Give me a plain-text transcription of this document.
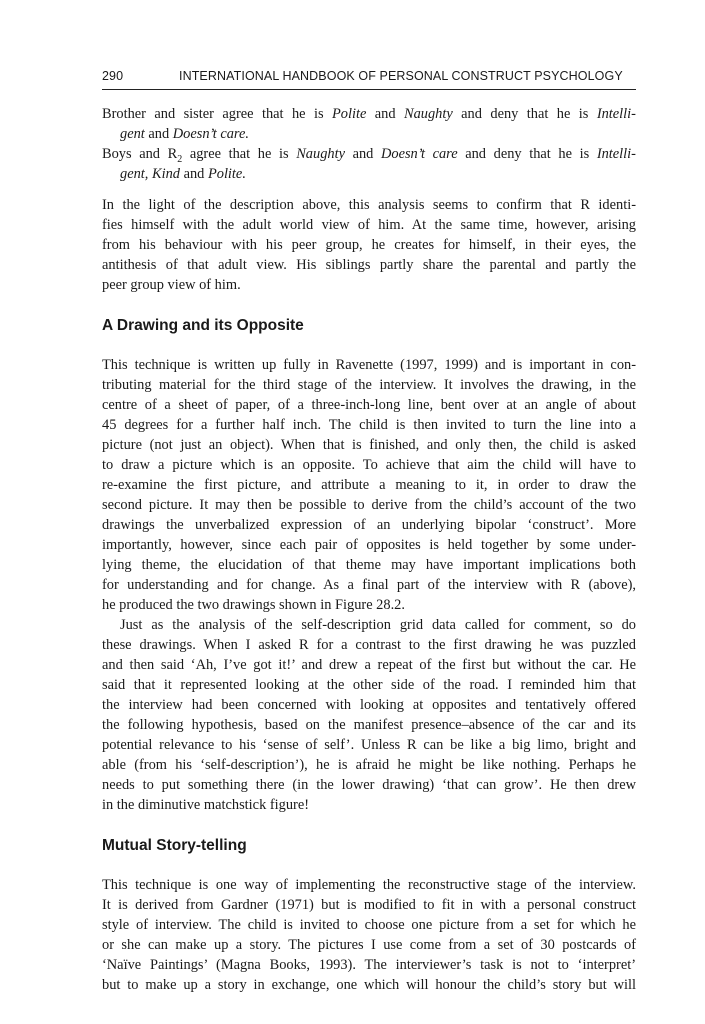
290	INTERNATIONAL HANDBOOK OF PERSONAL CONSTRUCT PSYCHOLOGY
Brother and sister agree that he is Polite and Naughty and deny that he is Intelli-
gent and Doesn’t care.
Boys and $R_2$ agree that he is Naughty and Doesn’t care and deny that he is Intelli-
gent, Kind and Polite.
In the light of the description above, this analysis seems to confirm that R identi-
fies himself with the adult world view of him. At the same time, however, arising
from his behaviour with his peer group, he creates for himself, in their eyes, the
antithesis of that adult view. His siblings partly share the parental and partly the
peer group view of him.
A Drawing and its Opposite
This technique is written up fully in Ravenette (1997, 1999) and is important in con-
tributing material for the third stage of the interview. It involves the drawing, in the
centre of a sheet of paper, of a three-inch-long line, bent over at an angle of about
45 degrees for a further half inch. The child is then invited to turn the line into a
picture (not just an object). When that is finished, and only then, the child is asked
to draw a picture which is an opposite. To achieve that aim the child will have to
re-examine the first picture, and attribute a meaning to it, in order to draw the
second picture. It may then be possible to derive from the child’s account of the two
drawings the unverbalized expression of an underlying bipolar ‘construct’. More
importantly, however, since each pair of opposites is held together by some under-
lying theme, the elucidation of that theme may have important implications both
for understanding and for change. As a final part of the interview with R (above),
he produced the two drawings shown in Figure 28.2.
Just as the analysis of the self-description grid data called for comment, so do
these drawings. When I asked R for a contrast to the first drawing he was puzzled
and then said ‘Ah, I’ve got it!’ and drew a repeat of the first but without the car. He
said that it represented looking at the other side of the road. I reminded him that
the interview had been concerned with looking at opposites and tentatively offered
the following hypothesis, based on the manifest presence–absence of the car and its
potential relevance to his ‘sense of self’. Unless R can be like a big limo, bright and
able (from his ‘self-description’), he is afraid he might be like nothing. Perhaps he
needs to put something there (in the lower drawing) ‘that can grow’. He then drew
in the diminutive matchstick figure!
Mutual Story-telling
This technique is one way of implementing the reconstructive stage of the interview.
It is derived from Gardner (1971) but is modified to fit in with a personal construct
style of interview. The child is invited to choose one picture from a set for which he
or she can make up a story. The pictures I use come from a set of 30 postcards of
‘Naïve Paintings’ (Magna Books, 1993). The interviewer’s task is not to ‘interpret’
but to make up a story in exchange, one which will honour the child’s story but will
